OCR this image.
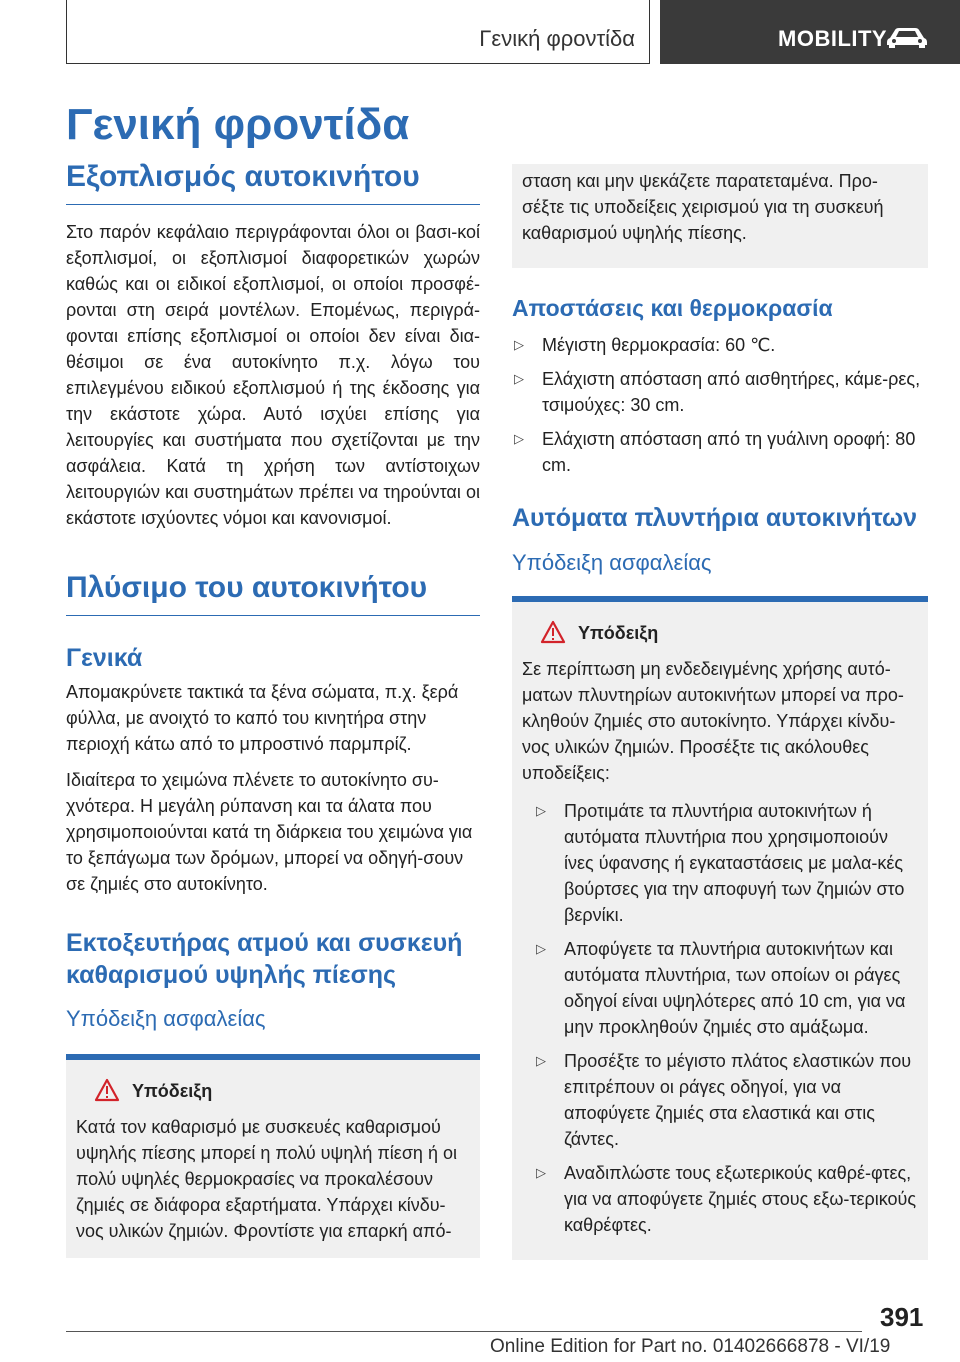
Γενική φροντίδα	MOBILITY
Γενική φροντίδα
Εξοπλισμός αυτοκινήτου

Στο παρόν κεφάλαιο περιγράφονται όλοι οι βασι‐κοί εξοπλισμοί, οι εξοπλισμοί διαφορετικών χωρών καθώς και οι ειδικοί εξοπλισμοί, οι οποίοι προσφέ‐ρονται στη σειρά μοντέλων. Επομένως, περιγρά‐φονται επίσης εξοπλισμοί οι οποίοι δεν είναι δια‐θέσιμοι σε ένα αυτοκίνητο π.χ. λόγω του επιλεγμένου ειδικού εξοπλισμού ή της έκδοσης για την εκάστοτε χώρα. Αυτό ισχύει επίσης για λειτουργίες και συστήματα που σχετίζονται με την ασφάλεια. Κατά τη χρήση των αντίστοιχων λειτουργιών και συστημάτων πρέπει να τηρούνται οι εκάστοτε ισχύοντες νόμοι και κανονισμοί.

Πλύσιμο του αυτοκινήτου
Γενικά

Απομακρύνετε τακτικά τα ξένα σώματα, π.χ. ξερά φύλλα, με ανοιχτό το καπό του κινητήρα στην περιοχή κάτω από το μπροστινό παρμπρίζ.

Ιδιαίτερα το χειμώνα πλένετε το αυτοκίνητο συ‐χνότερα. Η μεγάλη ρύπανση και τα άλατα που χρησιμοποιούνται κατά τη διάρκεια του χειμώνα για το ξεπάγωμα των δρόμων, μπορεί να οδηγή‐σουν σε ζημιές στο αυτοκίνητο.

Εκτοξευτήρας ατμού και συσκευή καθαρισμού υψηλής πίεσης
Υπόδειξη ασφαλείας
Υπόδειξη

Κατά τον καθαρισμό με συσκευές καθαρισμού υψηλής πίεσης μπορεί η πολύ υψηλή πίεση ή οι πολύ υψηλές θερμοκρασίες να προκαλέσουν ζημιές σε διάφορα εξαρτήματα. Υπάρχει κίνδυ‐νος υλικών ζημιών. Φροντίστε για επαρκή από‐

σταση και μην ψεκάζετε παρατεταμένα. Προ‐σέξτε τις υποδείξεις χειρισμού για τη συσκευή καθαρισμού υψηλής πίεσης.

Αποστάσεις και θερμοκρασία
▷ Μέγιστη θερμοκρασία: 60 ℃.
▷ Ελάχιστη απόσταση από αισθητήρες, κάμε‐ρες, τσιμούχες: 30 cm.
▷ Ελάχιστη απόσταση από τη γυάλινη οροφή: 80 cm.
Αυτόματα πλυντήρια αυτοκινήτων
Υπόδειξη ασφαλείας
Υπόδειξη

Σε περίπτωση μη ενδεδειγμένης χρήσης αυτό‐ματων πλυντηρίων αυτοκινήτων μπορεί να προ‐κληθούν ζημιές στο αυτοκίνητο. Υπάρχει κίνδυ‐νος υλικών ζημιών. Προσέξτε τις ακόλουθες υποδείξεις:

▷ Προτιμάτε τα πλυντήρια αυτοκινήτων ή αυτόματα πλυντήρια που χρησιμοποιούν ίνες ύφανσης ή εγκαταστάσεις με μαλα‐κές βούρτσες για την αποφυγή των ζημιών στο βερνίκι.
▷ Αποφύγετε τα πλυντήρια αυτοκινήτων και αυτόματα πλυντήρια, των οποίων οι ράγες οδηγοί είναι υψηλότερες από 10 cm, για να μην προκληθούν ζημιές στο αμάξωμα.
▷ Προσέξτε το μέγιστο πλάτος ελαστικών που επιτρέπουν οι ράγες οδηγοί, για να αποφύγετε ζημιές στα ελαστικά και στις ζάντες.
▷ Αναδιπλώστε τους εξωτερικούς καθρέ‐φτες, για να αποφύγετε ζημιές στους εξω‐τερικούς καθρέφτες.
391
Online Edition for Part no. 01402666878 - VI/19
